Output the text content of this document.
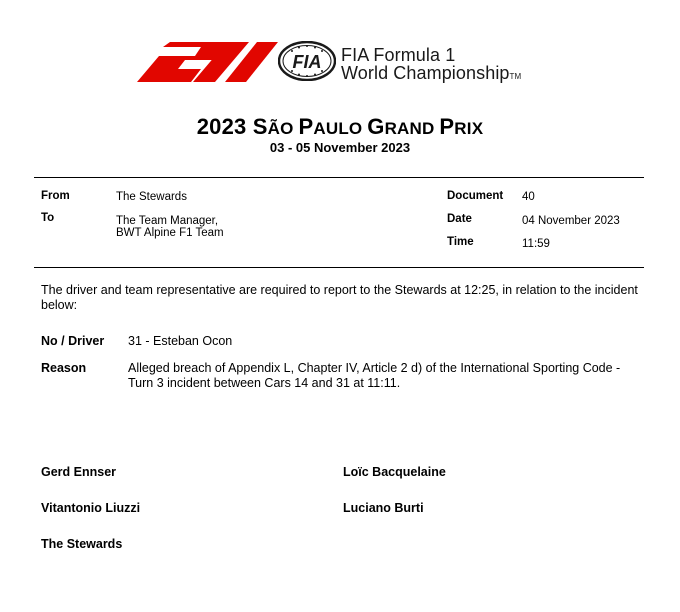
FIA FIA Formula 1
World ChampionshipTM
2023 SÃO PAULO GRAND PRIX
03 - 05 November 2023
From	The Stewards
To	The Team Manager,
BWT Alpine F1 Team
Document 40
Date	04 November 2023
Time	11:59
The driver and team representative are required to report to the Stewards at 12:25, in relation to the incident below:
No / Driver 31 - Esteban Ocon
Reason	Alleged breach of Appendix L, Chapter IV, Article 2 d) of the International Sporting Code - Turn 3 incident between Cars 14 and 31 at 11:11.
Gerd Ennser	Loïc Bacquelaine
Vitantonio Liuzzi	Luciano Burti
The Stewards
